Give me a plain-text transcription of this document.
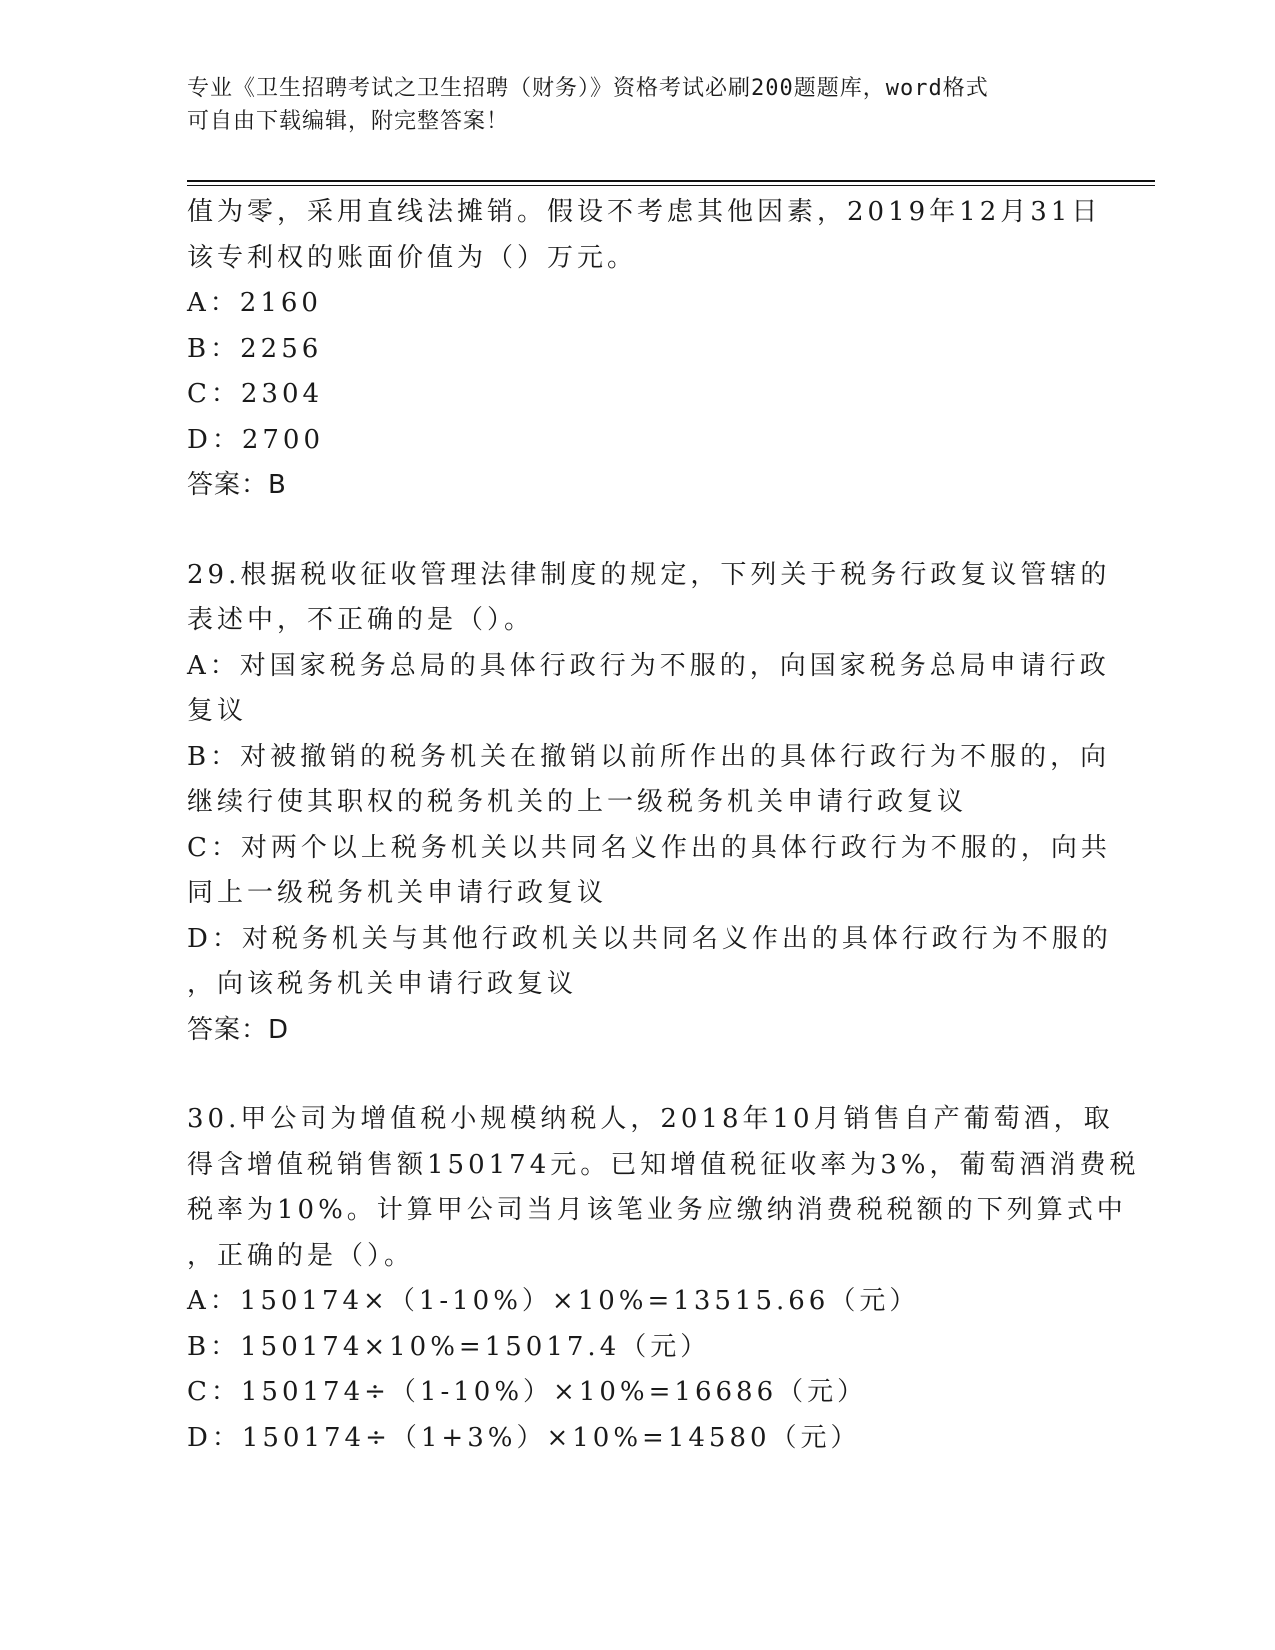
专业《卫生招聘考试之卫生招聘（财务）》资格考试必刷200题题库，word格式
可自由下载编辑，附完整答案！
值为零，采用直线法摊销。假设不考虑其他因素，2019年12月31日
该专利权的账面价值为（）万元。
A：2160
B：2256
C：2304
D：2700
答案：B
29.根据税收征收管理法律制度的规定，下列关于税务行政复议管辖的
表述中，不正确的是（）。
A：对国家税务总局的具体行政行为不服的，向国家税务总局申请行政
复议
B：对被撤销的税务机关在撤销以前所作出的具体行政行为不服的，向
继续行使其职权的税务机关的上一级税务机关申请行政复议
C：对两个以上税务机关以共同名义作出的具体行政行为不服的，向共
同上一级税务机关申请行政复议
D：对税务机关与其他行政机关以共同名义作出的具体行政行为不服的
，向该税务机关申请行政复议
答案：D
30.甲公司为增值税小规模纳税人，2018年10月销售自产葡萄酒，取
得含增值税销售额150174元。已知增值税征收率为3%，葡萄酒消费税
税率为10%。计算甲公司当月该笔业务应缴纳消费税税额的下列算式中
，正确的是（）。
A：150174×（1-10%）×10%=13515.66（元）
B：150174×10%=15017.4（元）
C：150174÷（1-10%）×10%=16686（元）
D：150174÷（1+3%）×10%=14580（元）
